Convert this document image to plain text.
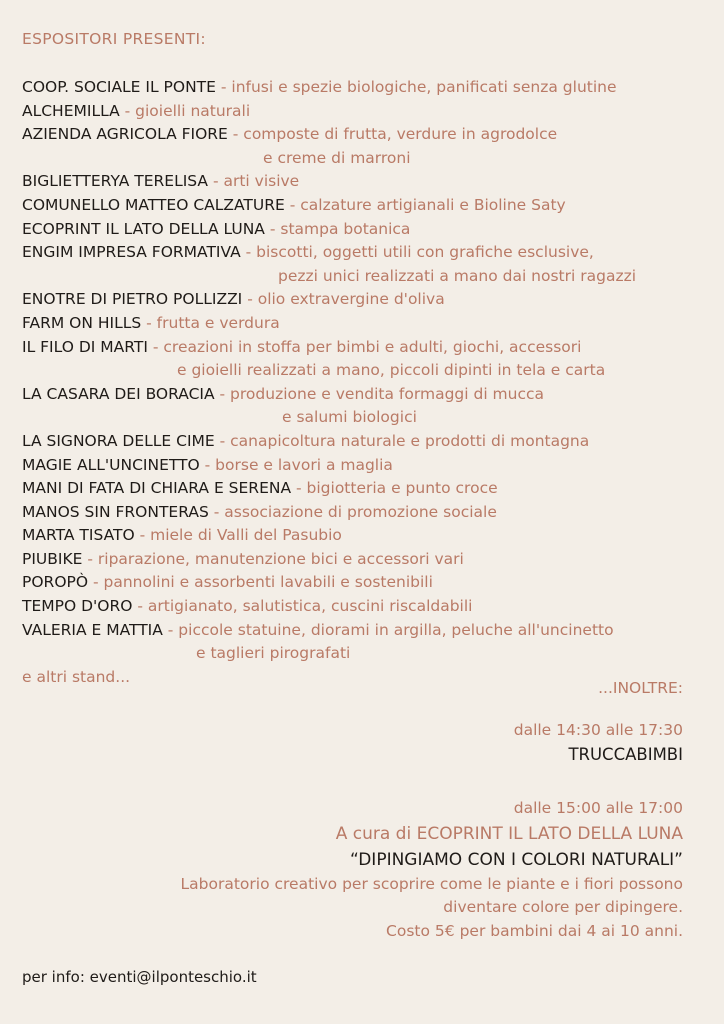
ESPOSITORI PRESENTI:
COOP. SOCIALE IL PONTE - infusi e spezie biologiche, panificati senza glutine
ALCHEMILLA - gioielli naturali
AZIENDA AGRICOLA FIORE - composte di frutta, verdure in agrodolce
e creme di marroni
BIGLIETTERYA TERELISA - arti visive
COMUNELLO MATTEO CALZATURE - calzature artigianali e Bioline Saty
ECOPRINT IL LATO DELLA LUNA - stampa botanica
ENGIM IMPRESA FORMATIVA - biscotti, oggetti utili con grafiche esclusive,
pezzi unici realizzati a mano dai nostri ragazzi
ENOTRE DI PIETRO POLLIZZI - olio extravergine d'oliva
FARM ON HILLS - frutta e verdura
IL FILO DI MARTI - creazioni in stoffa per bimbi e adulti, giochi, accessori
e gioielli realizzati a mano, piccoli dipinti in tela e carta
LA CASARA DEI BORACIA - produzione e vendita formaggi di mucca
e salumi biologici
LA SIGNORA DELLE CIME - canapicoltura naturale e prodotti di montagna
MAGIE ALL'UNCINETTO - borse e lavori a maglia
MANI DI FATA DI CHIARA E SERENA - bigiotteria e punto croce
MANOS SIN FRONTERAS - associazione di promozione sociale
MARTA TISATO - miele di Valli del Pasubio
PIUBIKE - riparazione, manutenzione bici e accessori vari
POROPÒ - pannolini e assorbenti lavabili e sostenibili
TEMPO D'ORO - artigianato, salutistica, cuscini riscaldabili
VALERIA E MATTIA - piccole statuine, diorami in argilla, peluche all'uncinetto
e taglieri pirografati
e altri stand...
...INOLTRE:
dalle 14:30 alle 17:30
TRUCCABIMBI
dalle 15:00 alle 17:00
A cura di ECOPRINT IL LATO DELLA LUNA
“DIPINGIAMO CON I COLORI NATURALI”
Laboratorio creativo per scoprire come le piante e i fiori possono
diventare colore per dipingere.
Costo 5€ per bambini dai 4 ai 10 anni.
per info: eventi@ilponteschio.it
